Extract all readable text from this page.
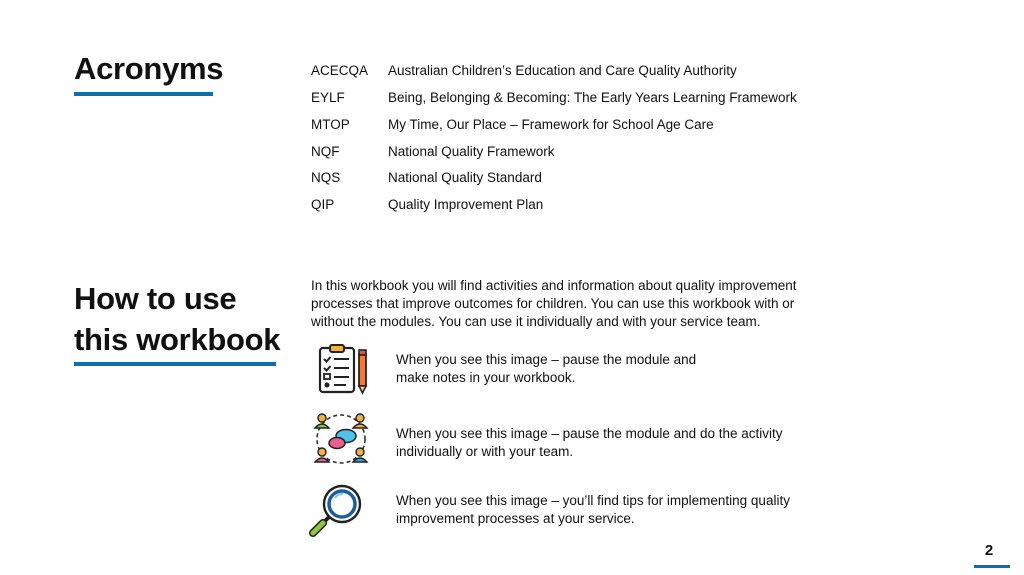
Acronyms	ACECQA Australian Children’s Education and Care Quality Authority
EYLF	Being, Belonging & Becoming: The Early Years Learning Framework
MTOP	My Time, Our Place – Framework for School Age Care
NQF	National Quality Framework
NQS	National Quality Standard
QIP	Quality Improvement Plan
How to use
this workbook

In this workbook you will find activities and information about quality improvement processes that improve outcomes for children. You can use this workbook with or without the modules. You can use it individually and with your service team.

When you see this image – pause the module and
make notes in your workbook.

When you see this image – pause the module and do the activity
individually or with your team.

When you see this image – you’ll find tips for implementing quality
improvement processes at your service.

2
